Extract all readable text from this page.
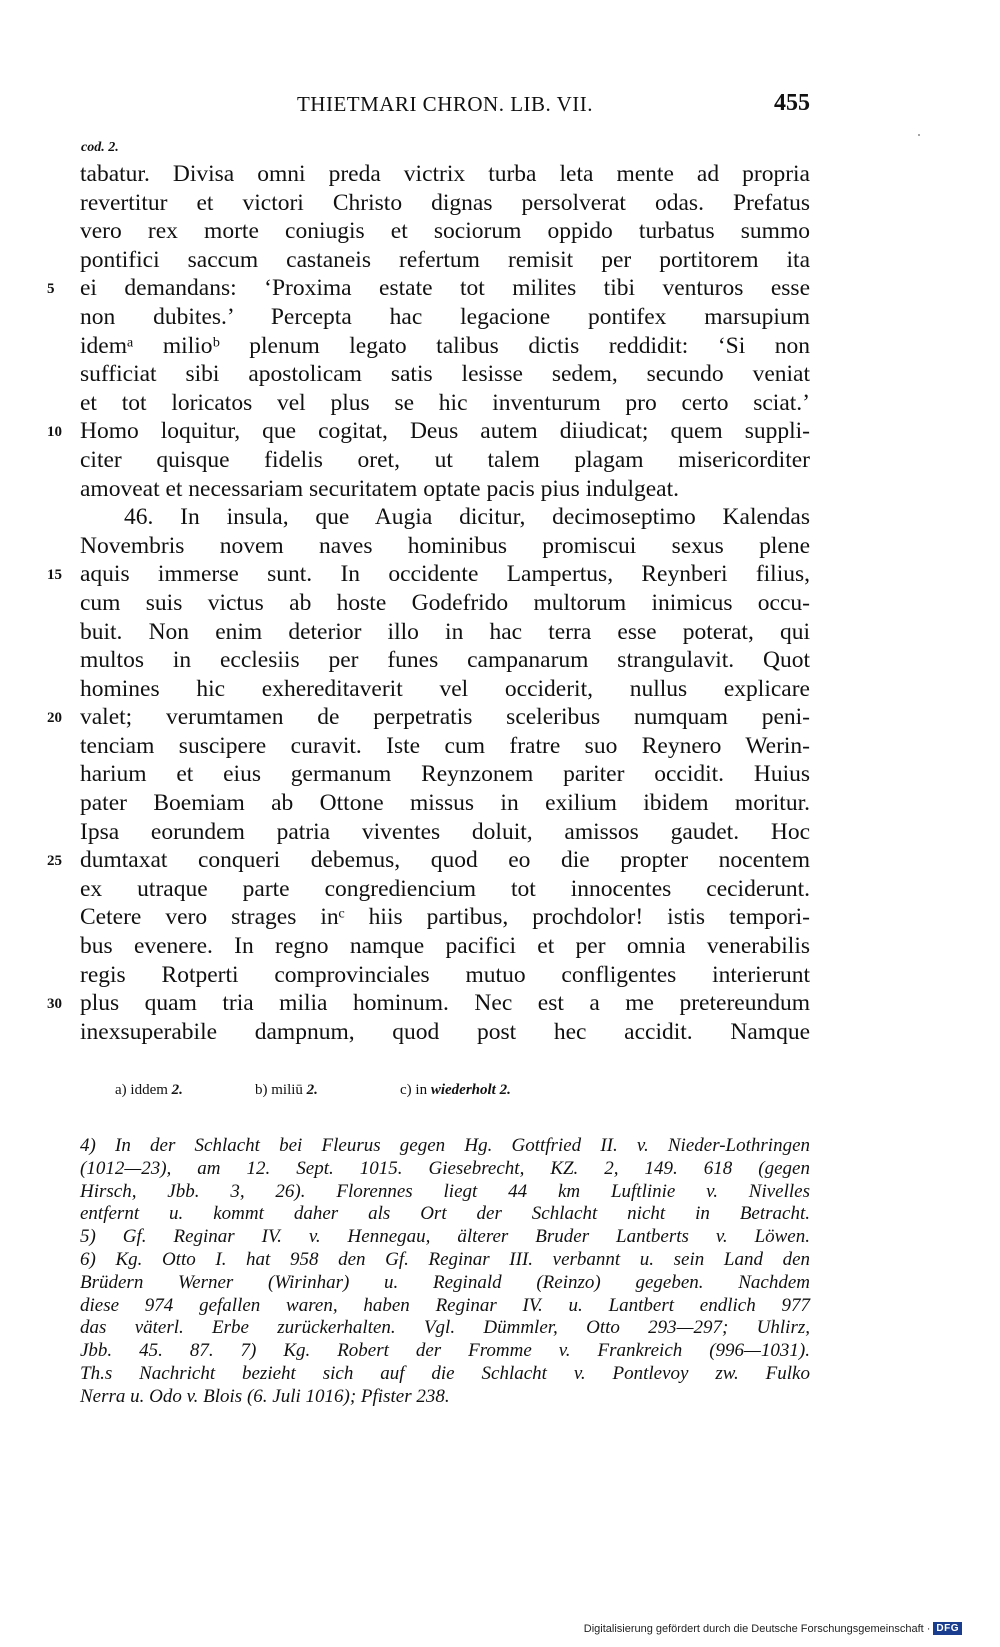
THIETMARI CHRON. LIB. VII.	455
cod. 2.
tabatur. Divisa omni preda victrix turba leta mente ad propria
revertitur et victori Christo dignas persolverat odas. Prefatus
vero rex morte coniugis et sociorum oppido turbatus summo
pontifici saccum castaneis refertum remisit per portitorem ita
5 ei demandans: ‘Proxima estate tot milites tibi venturos esse
non dubites.’ Percepta hac legacione pontifex marsupium
idemᵃ milioᵇ plenum legato talibus dictis reddidit: ‘Si non
sufficiat sibi apostolicam satis lesisse sedem, secundo veniat
et tot loricatos vel plus se hic inventurum pro certo sciat.’
10 Homo loquitur, que cogitat, Deus autem diiudicat; quem suppli-
citer quisque fidelis oret, ut talem plagam misericorditer
amoveat et necessariam securitatem optate pacis pius indulgeat.
46. In insula, que Augia dicitur, decimoseptimo Kalendas
Novembris novem naves hominibus promiscui sexus plene
15 aquis immerse sunt. In occidente Lampertus, Reynberi filius,
cum suis victus ab hoste Godefrido multorum inimicus occu-
buit. Non enim deterior illo in hac terra esse poterat, qui
multos in ecclesiis per funes campanarum strangulavit. Quot
homines hic exhereditaverit vel occiderit, nullus explicare
20 valet; verumtamen de perpetratis sceleribus numquam peni-
tenciam suscipere curavit. Iste cum fratre suo Reynero Werin-
harium et eius germanum Reynzonem pariter occidit. Huius
pater Boemiam ab Ottone missus in exilium ibidem moritur.
Ipsa eorundem patria viventes doluit, amissos gaudet. Hoc
25 dumtaxat conqueri debemus, quod eo die propter nocentem
ex utraque parte congrediencium tot innocentes ceciderunt.
Cetere vero strages inᶜ hiis partibus, prochdolor! istis tempori-
bus evenere. In regno namque pacifici et per omnia venerabilis
regis Rotperti comprovinciales mutuo confligentes interierunt
30 plus quam tria milia hominum. Nec est a me pretereundum
inexsuperabile dampnum, quod post hec accidit. Namque
a) iddem 2.	b) miliū 2.	c) in wiederholt 2.
4) In der Schlacht bei Fleurus gegen Hg. Gottfried II. v. Nieder-Lothringen
(1012—23), am 12. Sept. 1015. Giesebrecht, KZ. 2, 149. 618 (gegen
Hirsch, Jbb. 3, 26). Florennes liegt 44 km Luftlinie v. Nivelles
entfernt u. kommt daher als Ort der Schlacht nicht in Betracht.
5) Gf. Reginar IV. v. Hennegau, älterer Bruder Lantberts v. Löwen.
6) Kg. Otto I. hat 958 den Gf. Reginar III. verbannt u. sein Land den
Brüdern Werner (Wirinhar) u. Reginald (Reinzo) gegeben. Nachdem
diese 974 gefallen waren, haben Reginar IV. u. Lantbert endlich 977
das väterl. Erbe zurückerhalten. Vgl. Dümmler, Otto 293—297; Uhlirz,
Jbb. 45. 87. 7) Kg. Robert der Fromme v. Frankreich (996—1031).
Th.s Nachricht bezieht sich auf die Schlacht v. Pontlevoy zw. Fulko
Nerra u. Odo v. Blois (6. Juli 1016); Pfister 238.
Digitalisierung gefördert durch die Deutsche Forschungsgemeinschaft · DFG
